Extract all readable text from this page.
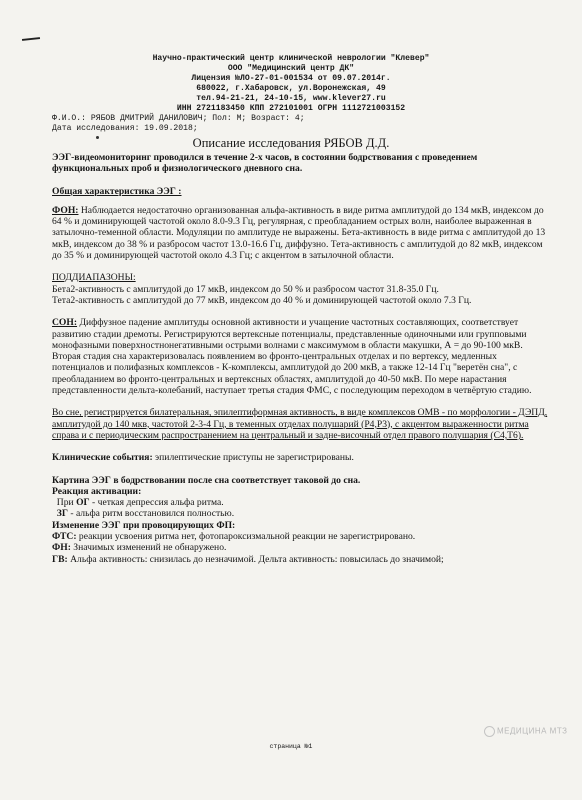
Научно-практический центр клинической неврологии "Клевер"
ООО "Медицинский центр ДК"
Лицензия №ЛО-27-01-001534 от 09.07.2014г.
680022, г.Хабаровск, ул.Воронежская, 49
тел.94-21-21, 24-10-15, www.klever27.ru
ИНН 2721183450 КПП 272101001 ОГРН 1112721003152
Ф.И.О.: РЯБОВ ДМИТРИЙ ДАНИЛОВИЧ; Пол: М; Возраст: 4;
Дата исследования: 19.09.2018;
Описание исследования РЯБОВ Д.Д.

ЭЭГ-видеомониторинг проводился в течение 2-х часов, в состоянии бодрствования с проведением функциональных проб и физиологического дневного сна.

Общая характеристика ЭЭГ :

ФОН: Наблюдается недостаточно организованная альфа-активность в виде ритма амплитудой до 134 мкВ, индексом до 64 % и доминирующей частотой около 8.0-9.3 Гц, регулярная, с преобладанием острых волн, наиболее выраженная в затылочно-теменной области. Модуляции по амплитуде не выражены. Бета-активность в виде ритма с амплитудой до 13 мкВ, индексом до 38 % и разбросом частот 13.0-16.6 Гц, диффузно. Тета-активность с амплитудой до 82 мкВ, индексом до 35 % и доминирующей частотой около 4.3 Гц; с акцентом в затылочной области.

ПОДДИАПАЗОНЫ:

Бета2-активность с амплитудой до 17 мкВ, индексом до 50 % и разбросом частот 31.8-35.0 Гц.

Тета2-активность с амплитудой до 77 мкВ, индексом до 40 % и доминирующей частотой около 7.3 Гц.

СОН: Диффузное падение амплитуды основной активности и учащение частотных составляющих, соответствует развитию стадии дремоты. Регистрируются вертексные потенциалы, представленные одиночными или групповыми монофазными поверхностнонегативными острыми волнами с максимумом в области макушки, А = до 90-100 мкВ. Вторая стадия сна характеризовалась появлением во фронто-центральных отделах и по вертексу, медленных потенциалов и полифазных комплексов - К-комплексы, амплитудой до 200 мкВ, а также 12-14 Гц "веретён сна", с преобладанием во фронто-центральных и вертексных областях, амплитудой до 40-50 мкВ. По мере нарастания представленности дельта-колебаний, наступает третья стадия ФМС, с последующим переходом в четвёртую стадию.

Во сне, регистрируется билатеральная, эпилептиформная активность, в виде комплексов ОМВ - по морфологии - ДЭПД, амплитудой до 140 мкв, частотой 2-3-4 Гц, в теменных отделах полушарий (Р4,Р3), с акцентом выраженности ритма справа и с периодическим распространением на центральный и задне-височный отдел правого полушария (С4,Т6).

Клинические события: эпилептические приступы не зарегистрированы.

Картина ЭЭГ в бодрствовании после сна соответствует таковой до сна.

Реакция активации:

При ОГ - четкая депрессия альфа ритма.

ЗГ - альфа ритм восстановился полностью.

Изменение ЭЭГ при провоцирующих ФП:

ФТС: реакции усвоения ритма нет, фотопароксизмальной реакции не зарегистрировано.

ФН: Значимых изменений не обнаружено.

ГВ: Альфа активность: снизилась до незначимой. Дельта активность: повысилась до значимой;

МЕДИЦИНА МТЗ
страница №1
